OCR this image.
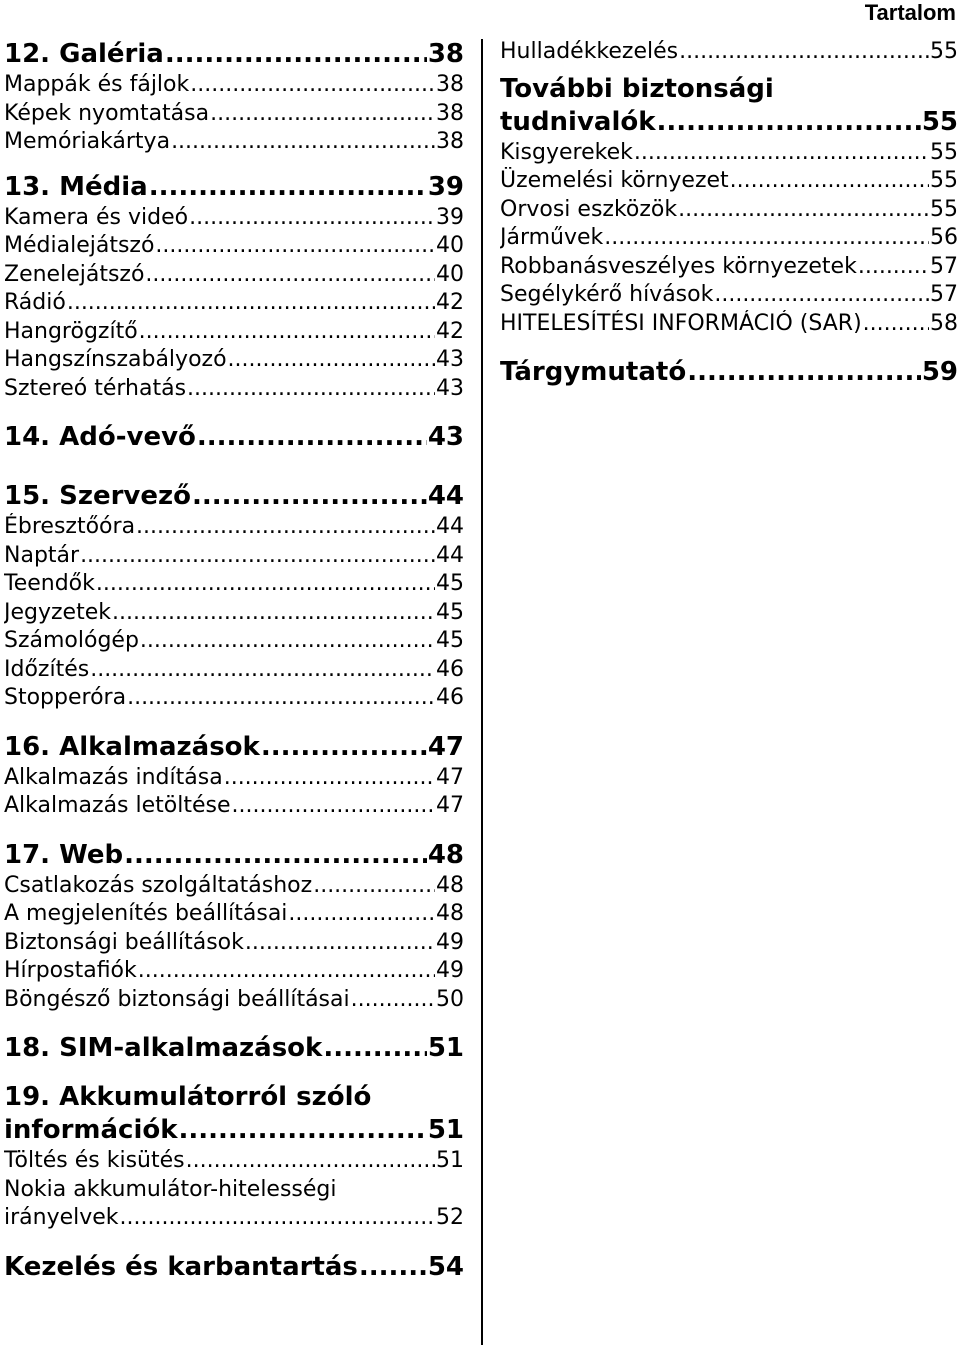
Tartalom
12. Galéria .....	38
Mappák és fájlok .....	38
Képek nyomtatása .....	38
Memóriakártya .....	38
13. Média .....	39
Kamera és videó .....	39
Médialejátszó .....	40
Zenelejátszó .....	40
Rádió .....	42
Hangrögzítő .....	42
Hangszínszabályozó .....	43
Sztereó térhatás .....	43
14. Adó-vevő .....	43
15. Szervező .....	44
Ébresztőóra .....	44
Naptár .....	44
Teendők .....	45
Jegyzetek .....	45
Számológép .....	45
Időzítés .....	46
Stopperóra .....	46
16. Alkalmazások .....	47
Alkalmazás indítása .....	47
Alkalmazás letöltése .....	47
17. Web .....	48
Csatlakozás szolgáltatáshoz .....	48
A megjelenítés beállításai .....	48
Biztonsági beállítások .....	49
Hírpostafiók .....	49
Böngésző biztonsági beállításai .....	50
18. SIM-alkalmazások .....	51
19. Akkumulátorról szóló
információk .....	51
Töltés és kisütés .....	51
Nokia akkumulátor-hitelességi
irányelvek .....	52
Kezelés és karbantartás .....	54
Hulladékkezelés .....	55
További biztonsági
tudnivalók .....	55
Kisgyerekek .....	55
Üzemelési környezet .....	55
Orvosi eszközök .....	55
Járművek .....	56
Robbanásveszélyes környezetek .....	57
Segélykérő hívások .....	57
HITELESÍTÉSI INFORMÁCIÓ (SAR) .....	58
Tárgymutató .....	59
